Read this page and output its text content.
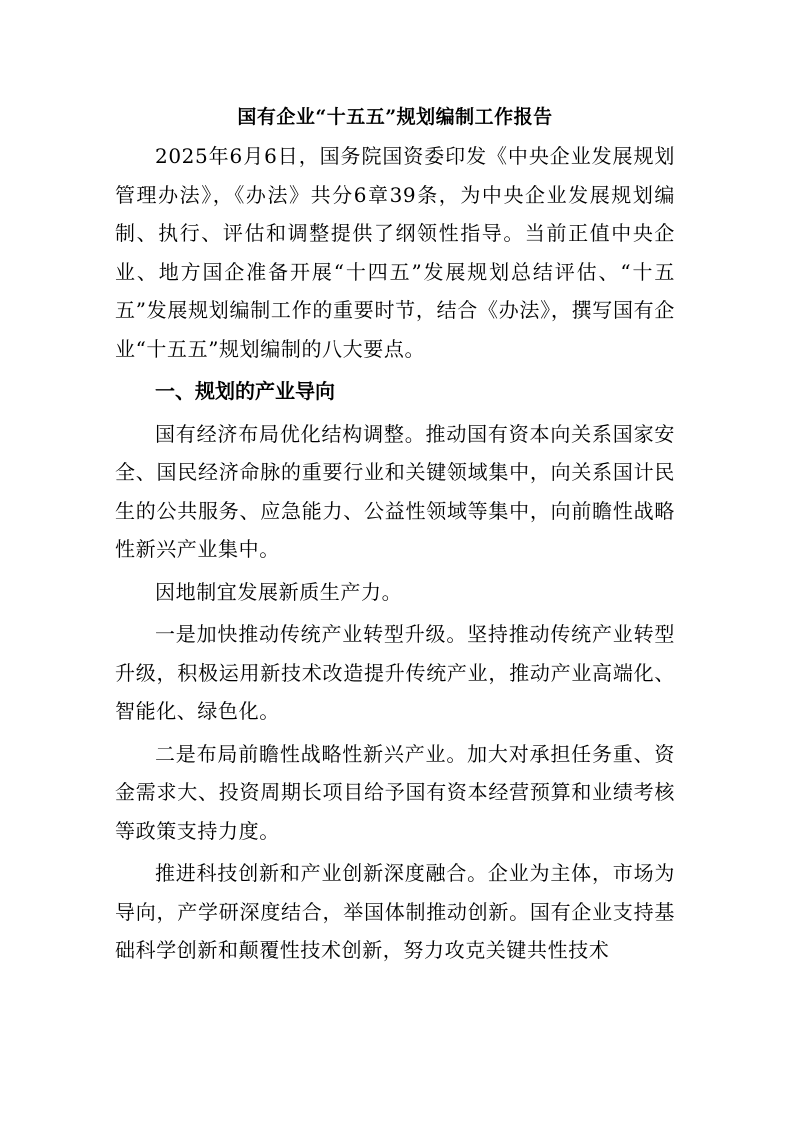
国有企业“十五五”规划编制工作报告

2025年6月6日，国务院国资委印发《中央企业发展规划管理办法》，《办法》共分6章39条，为中央企业发展规划编制、执行、评估和调整提供了纲领性指导。当前正值中央企业、地方国企准备开展“十四五”发展规划总结评估、“十五五”发展规划编制工作的重要时节，结合《办法》，撰写国有企业“十五五”规划编制的八大要点。

一、规划的产业导向

国有经济布局优化结构调整。推动国有资本向关系国家安全、国民经济命脉的重要行业和关键领域集中，向关系国计民生的公共服务、应急能力、公益性领域等集中，向前瞻性战略性新兴产业集中。

因地制宜发展新质生产力。

一是加快推动传统产业转型升级。坚持推动传统产业转型升级，积极运用新技术改造提升传统产业，推动产业高端化、智能化、绿色化。

二是布局前瞻性战略性新兴产业。加大对承担任务重、资金需求大、投资周期长项目给予国有资本经营预算和业绩考核等政策支持力度。

推进科技创新和产业创新深度融合。企业为主体，市场为导向，产学研深度结合，举国体制推动创新。国有企业支持基础科学创新和颠覆性技术创新，努力攻克关键共性技术
